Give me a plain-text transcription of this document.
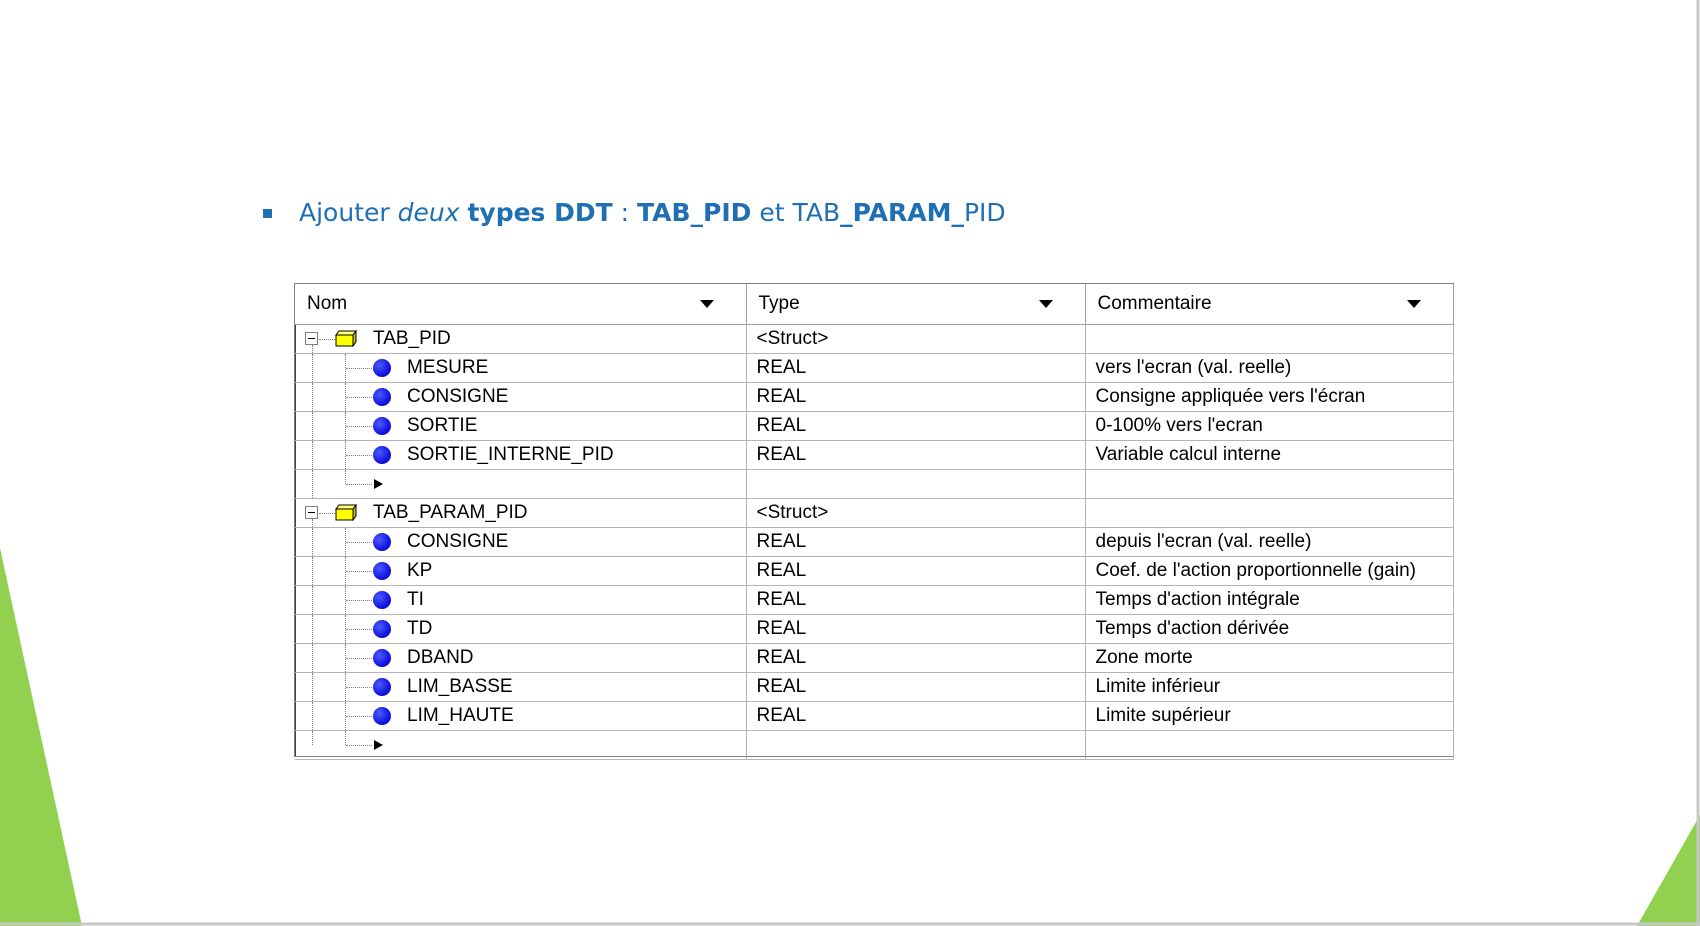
Ajouter deux types DDT : TAB_PID et TAB_PARAM_PID
Nom	Type	Commentaire

TAB_PID	<Struct>	

MESURE	REAL	vers l'ecran (val. reelle)

CONSIGNE	REAL	Consigne appliquée vers l'écran

SORTIE	REAL	0-100% vers l'ecran

SORTIE_INTERNE_PID	REAL	Variable calcul interne

TAB_PARAM_PID	<Struct>	

CONSIGNE	REAL	depuis l'ecran (val. reelle)

KP	REAL	Coef. de l'action proportionnelle (gain)

TI	REAL	Temps d'action intégrale

TD	REAL	Temps d'action dérivée

DBAND	REAL	Zone morte

LIM_BASSE	REAL	Limite inférieur

LIM_HAUTE	REAL	Limite supérieur
